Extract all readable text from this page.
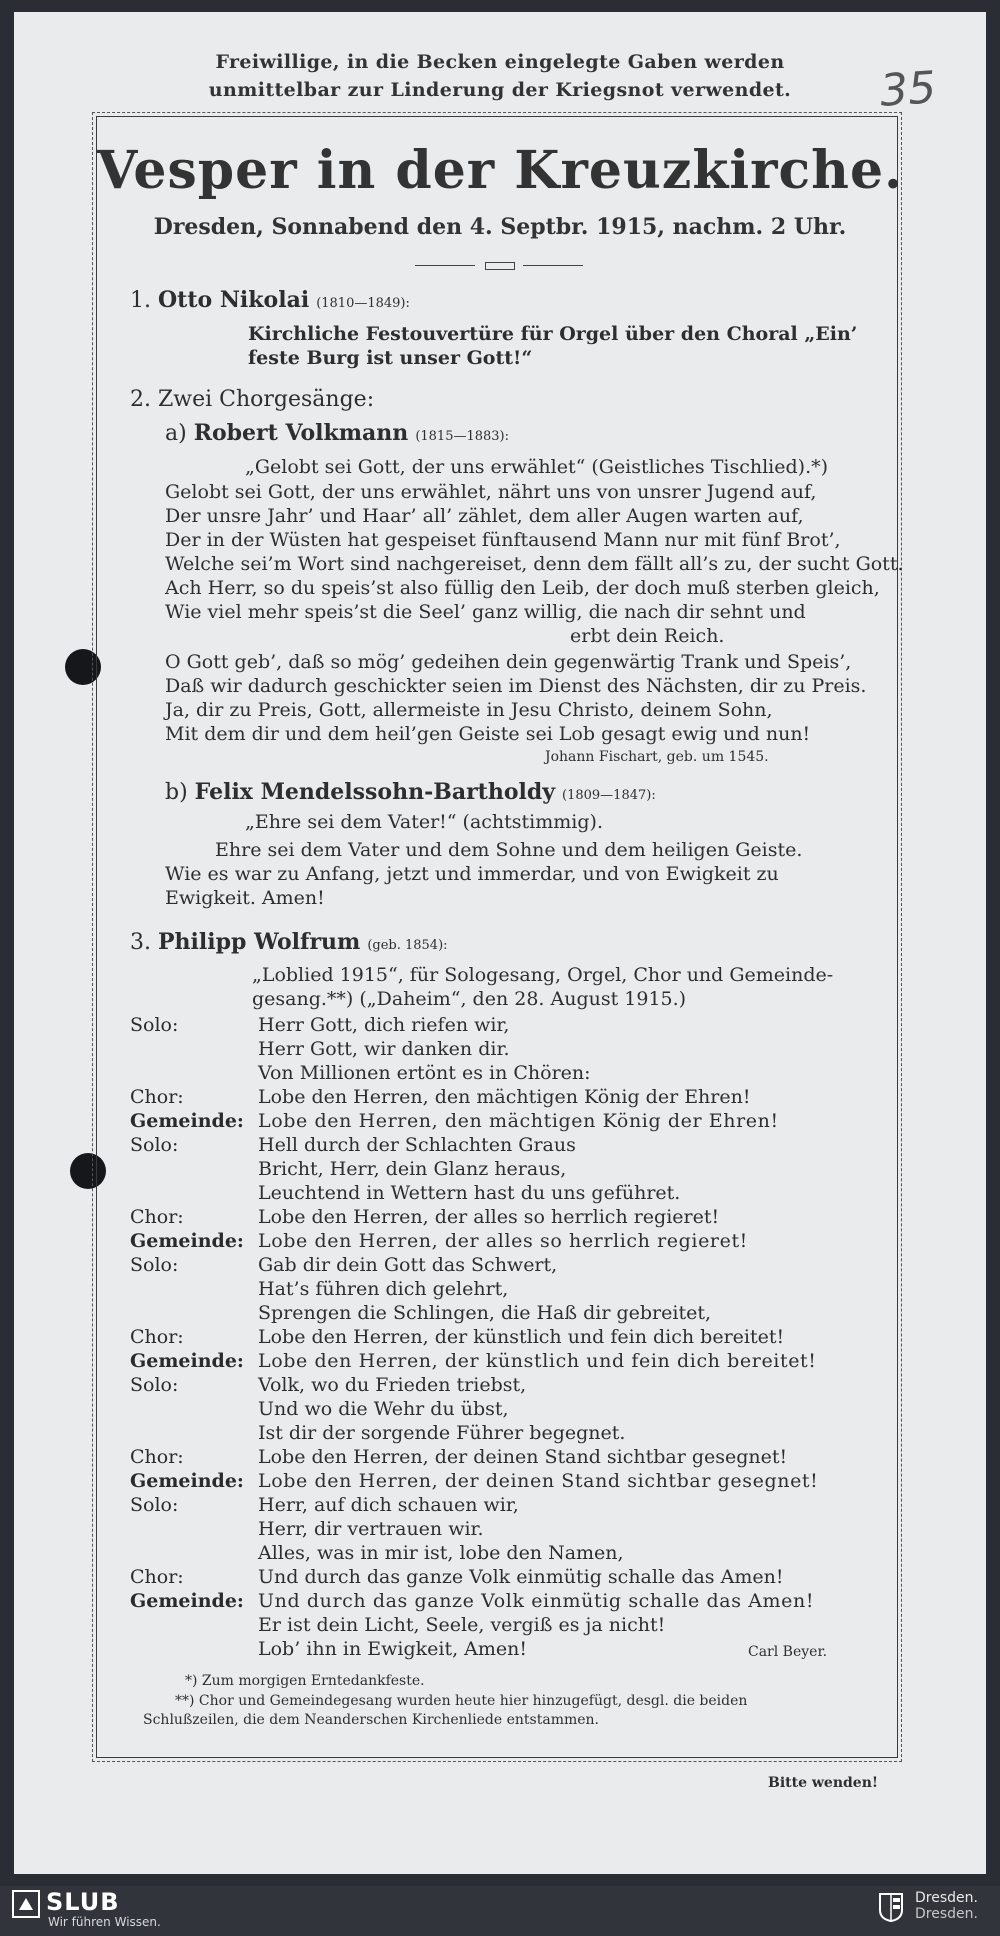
35
Freiwillige, in die Becken eingelegte Gaben werden
unmittelbar zur Linderung der Kriegsnot verwendet.
Vesper in der Kreuzkirche.
Dresden, Sonnabend den 4. Septbr. 1915, nachm. 2 Uhr.
1. Otto Nikolai (1810—1849):
Kirchliche Festouvertüre für Orgel über den Choral „Ein’
feste Burg ist unser Gott!“
2. Zwei Chorgesänge:
a) Robert Volkmann (1815—1883):
„Gelobt sei Gott, der uns erwählet“ (Geistliches Tischlied).*)
Gelobt sei Gott, der uns erwählet, nährt uns von unsrer Jugend auf,
Der unsre Jahr’ und Haar’ all’ zählet, dem aller Augen warten auf,
Der in der Wüsten hat gespeiset fünftausend Mann nur mit fünf Brot’,
Welche sei’m Wort sind nachgereiset, denn dem fällt all’s zu, der sucht Gott.
Ach Herr, so du speis’st also füllig den Leib, der doch muß sterben gleich,
Wie viel mehr speis’st die Seel’ ganz willig, die nach dir sehnt und
erbt dein Reich.
O Gott geb’, daß so mög’ gedeihen dein gegenwärtig Trank und Speis’,
Daß wir dadurch geschickter seien im Dienst des Nächsten, dir zu Preis.
Ja, dir zu Preis, Gott, allermeiste in Jesu Christo, deinem Sohn,
Mit dem dir und dem heil’gen Geiste sei Lob gesagt ewig und nun!
Johann Fischart, geb. um 1545.
b) Felix Mendelssohn-Bartholdy (1809—1847):
„Ehre sei dem Vater!“ (achtstimmig).
Ehre sei dem Vater und dem Sohne und dem heiligen Geiste.
Wie es war zu Anfang, jetzt und immerdar, und von Ewigkeit zu
Ewigkeit. Amen!
3. Philipp Wolfrum (geb. 1854):
„Loblied 1915“, für Sologesang, Orgel, Chor und Gemeinde-
gesang.**) („Daheim“, den 28. August 1915.)
Solo:	Herr Gott, dich riefen wir,
Herr Gott, wir danken dir.
Von Millionen ertönt es in Chören:
Chor:	Lobe den Herren, den mächtigen König der Ehren!
Gemeinde: Lobe den Herren, den mächtigen König der Ehren!
Solo:	Hell durch der Schlachten Graus
Bricht, Herr, dein Glanz heraus,
Leuchtend in Wettern hast du uns geführet.
Chor:	Lobe den Herren, der alles so herrlich regieret!
Gemeinde: Lobe den Herren, der alles so herrlich regieret!
Solo:	Gab dir dein Gott das Schwert,
Hat’s führen dich gelehrt,
Sprengen die Schlingen, die Haß dir gebreitet,
Chor:	Lobe den Herren, der künstlich und fein dich bereitet!
Gemeinde: Lobe den Herren, der künstlich und fein dich bereitet!
Solo:	Volk, wo du Frieden triebst,
Und wo die Wehr du übst,
Ist dir der sorgende Führer begegnet.
Chor:	Lobe den Herren, der deinen Stand sichtbar gesegnet!
Gemeinde: Lobe den Herren, der deinen Stand sichtbar gesegnet!
Solo:	Herr, auf dich schauen wir,
Herr, dir vertrauen wir.
Alles, was in mir ist, lobe den Namen,
Chor:	Und durch das ganze Volk einmütig schalle das Amen!
Gemeinde: Und durch das ganze Volk einmütig schalle das Amen!
Er ist dein Licht, Seele, vergiß es ja nicht!
Lob’ ihn in Ewigkeit, Amen!	Carl Beyer.
*) Zum morgigen Erntedankfeste.
**) Chor und Gemeindegesang wurden heute hier hinzugefügt, desgl. die beiden
Schlußzeilen, die dem Neanderschen Kirchenliede entstammen.
Bitte wenden!
SLUB
Wir führen Wissen.
Dresden.
Dresden.
